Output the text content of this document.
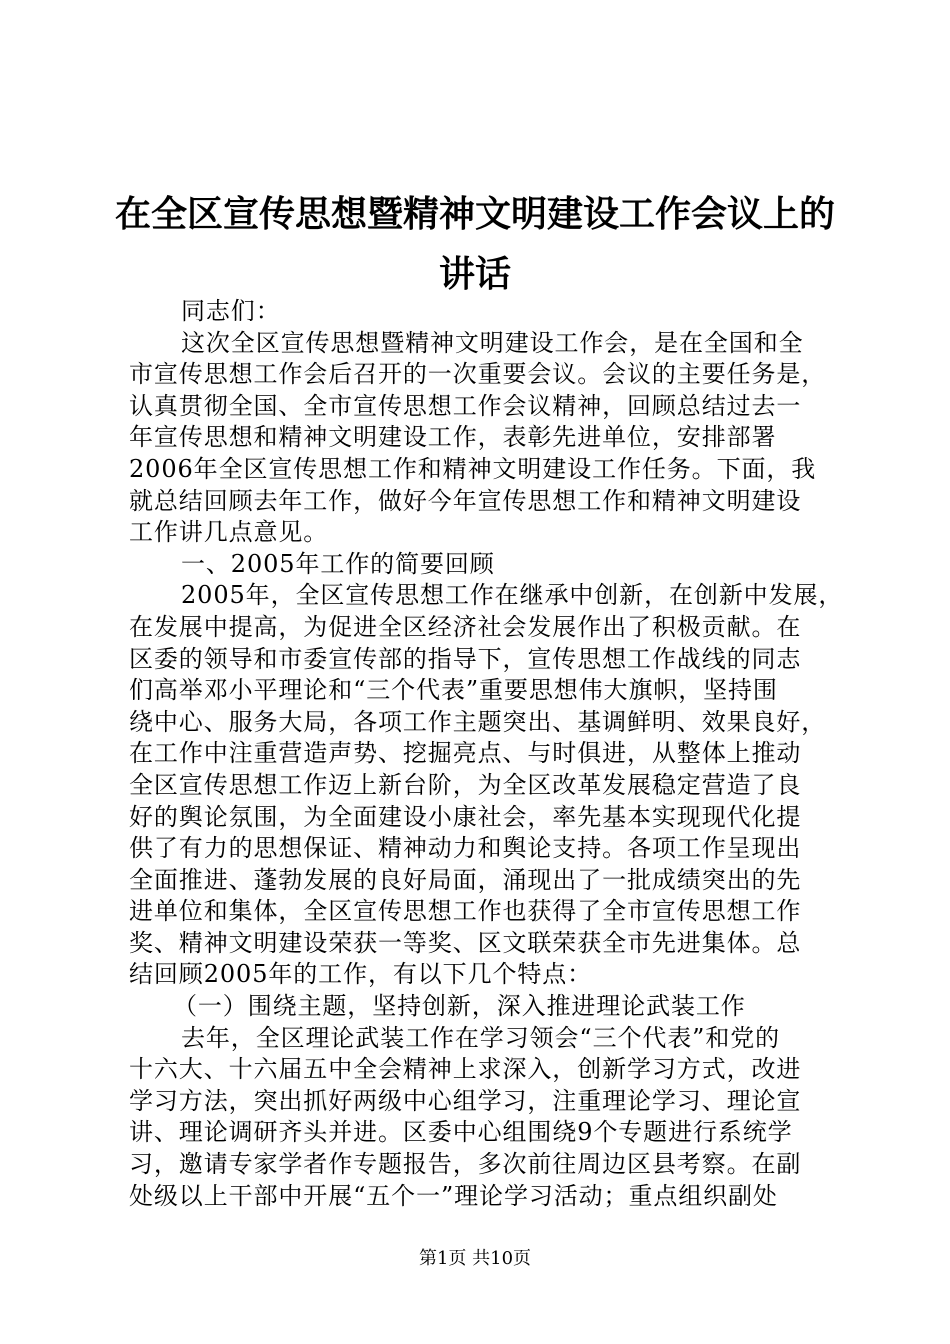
在全区宣传思想暨精神文明建设工作会议上的
讲话
同志们：
这次全区宣传思想暨精神文明建设工作会，是在全国和全
市宣传思想工作会后召开的一次重要会议。会议的主要任务是，
认真贯彻全国、全市宣传思想工作会议精神，回顾总结过去一
年宣传思想和精神文明建设工作，表彰先进单位，安排部署
2006年全区宣传思想工作和精神文明建设工作任务。下面，我
就总结回顾去年工作，做好今年宣传思想工作和精神文明建设
工作讲几点意见。
一、2005年工作的简要回顾
2005年，全区宣传思想工作在继承中创新，在创新中发展，
在发展中提高，为促进全区经济社会发展作出了积极贡献。在
区委的领导和市委宣传部的指导下，宣传思想工作战线的同志
们高举邓小平理论和“三个代表”重要思想伟大旗帜，坚持围
绕中心、服务大局，各项工作主题突出、基调鲜明、效果良好，
在工作中注重营造声势、挖掘亮点、与时俱进，从整体上推动
全区宣传思想工作迈上新台阶，为全区改革发展稳定营造了良
好的舆论氛围，为全面建设小康社会，率先基本实现现代化提
供了有力的思想保证、精神动力和舆论支持。各项工作呈现出
全面推进、蓬勃发展的良好局面，涌现出了一批成绩突出的先
进单位和集体，全区宣传思想工作也获得了全市宣传思想工作
奖、精神文明建设荣获一等奖、区文联荣获全市先进集体。总
结回顾2005年的工作，有以下几个特点：
（一）围绕主题，坚持创新，深入推进理论武装工作
去年，全区理论武装工作在学习领会“三个代表”和党的
十六大、十六届五中全会精神上求深入，创新学习方式，改进
学习方法，突出抓好两级中心组学习，注重理论学习、理论宣
讲、理论调研齐头并进。区委中心组围绕9个专题进行系统学
习，邀请专家学者作专题报告，多次前往周边区县考察。在副
处级以上干部中开展“五个一”理论学习活动；重点组织副处
第1页 共10页
